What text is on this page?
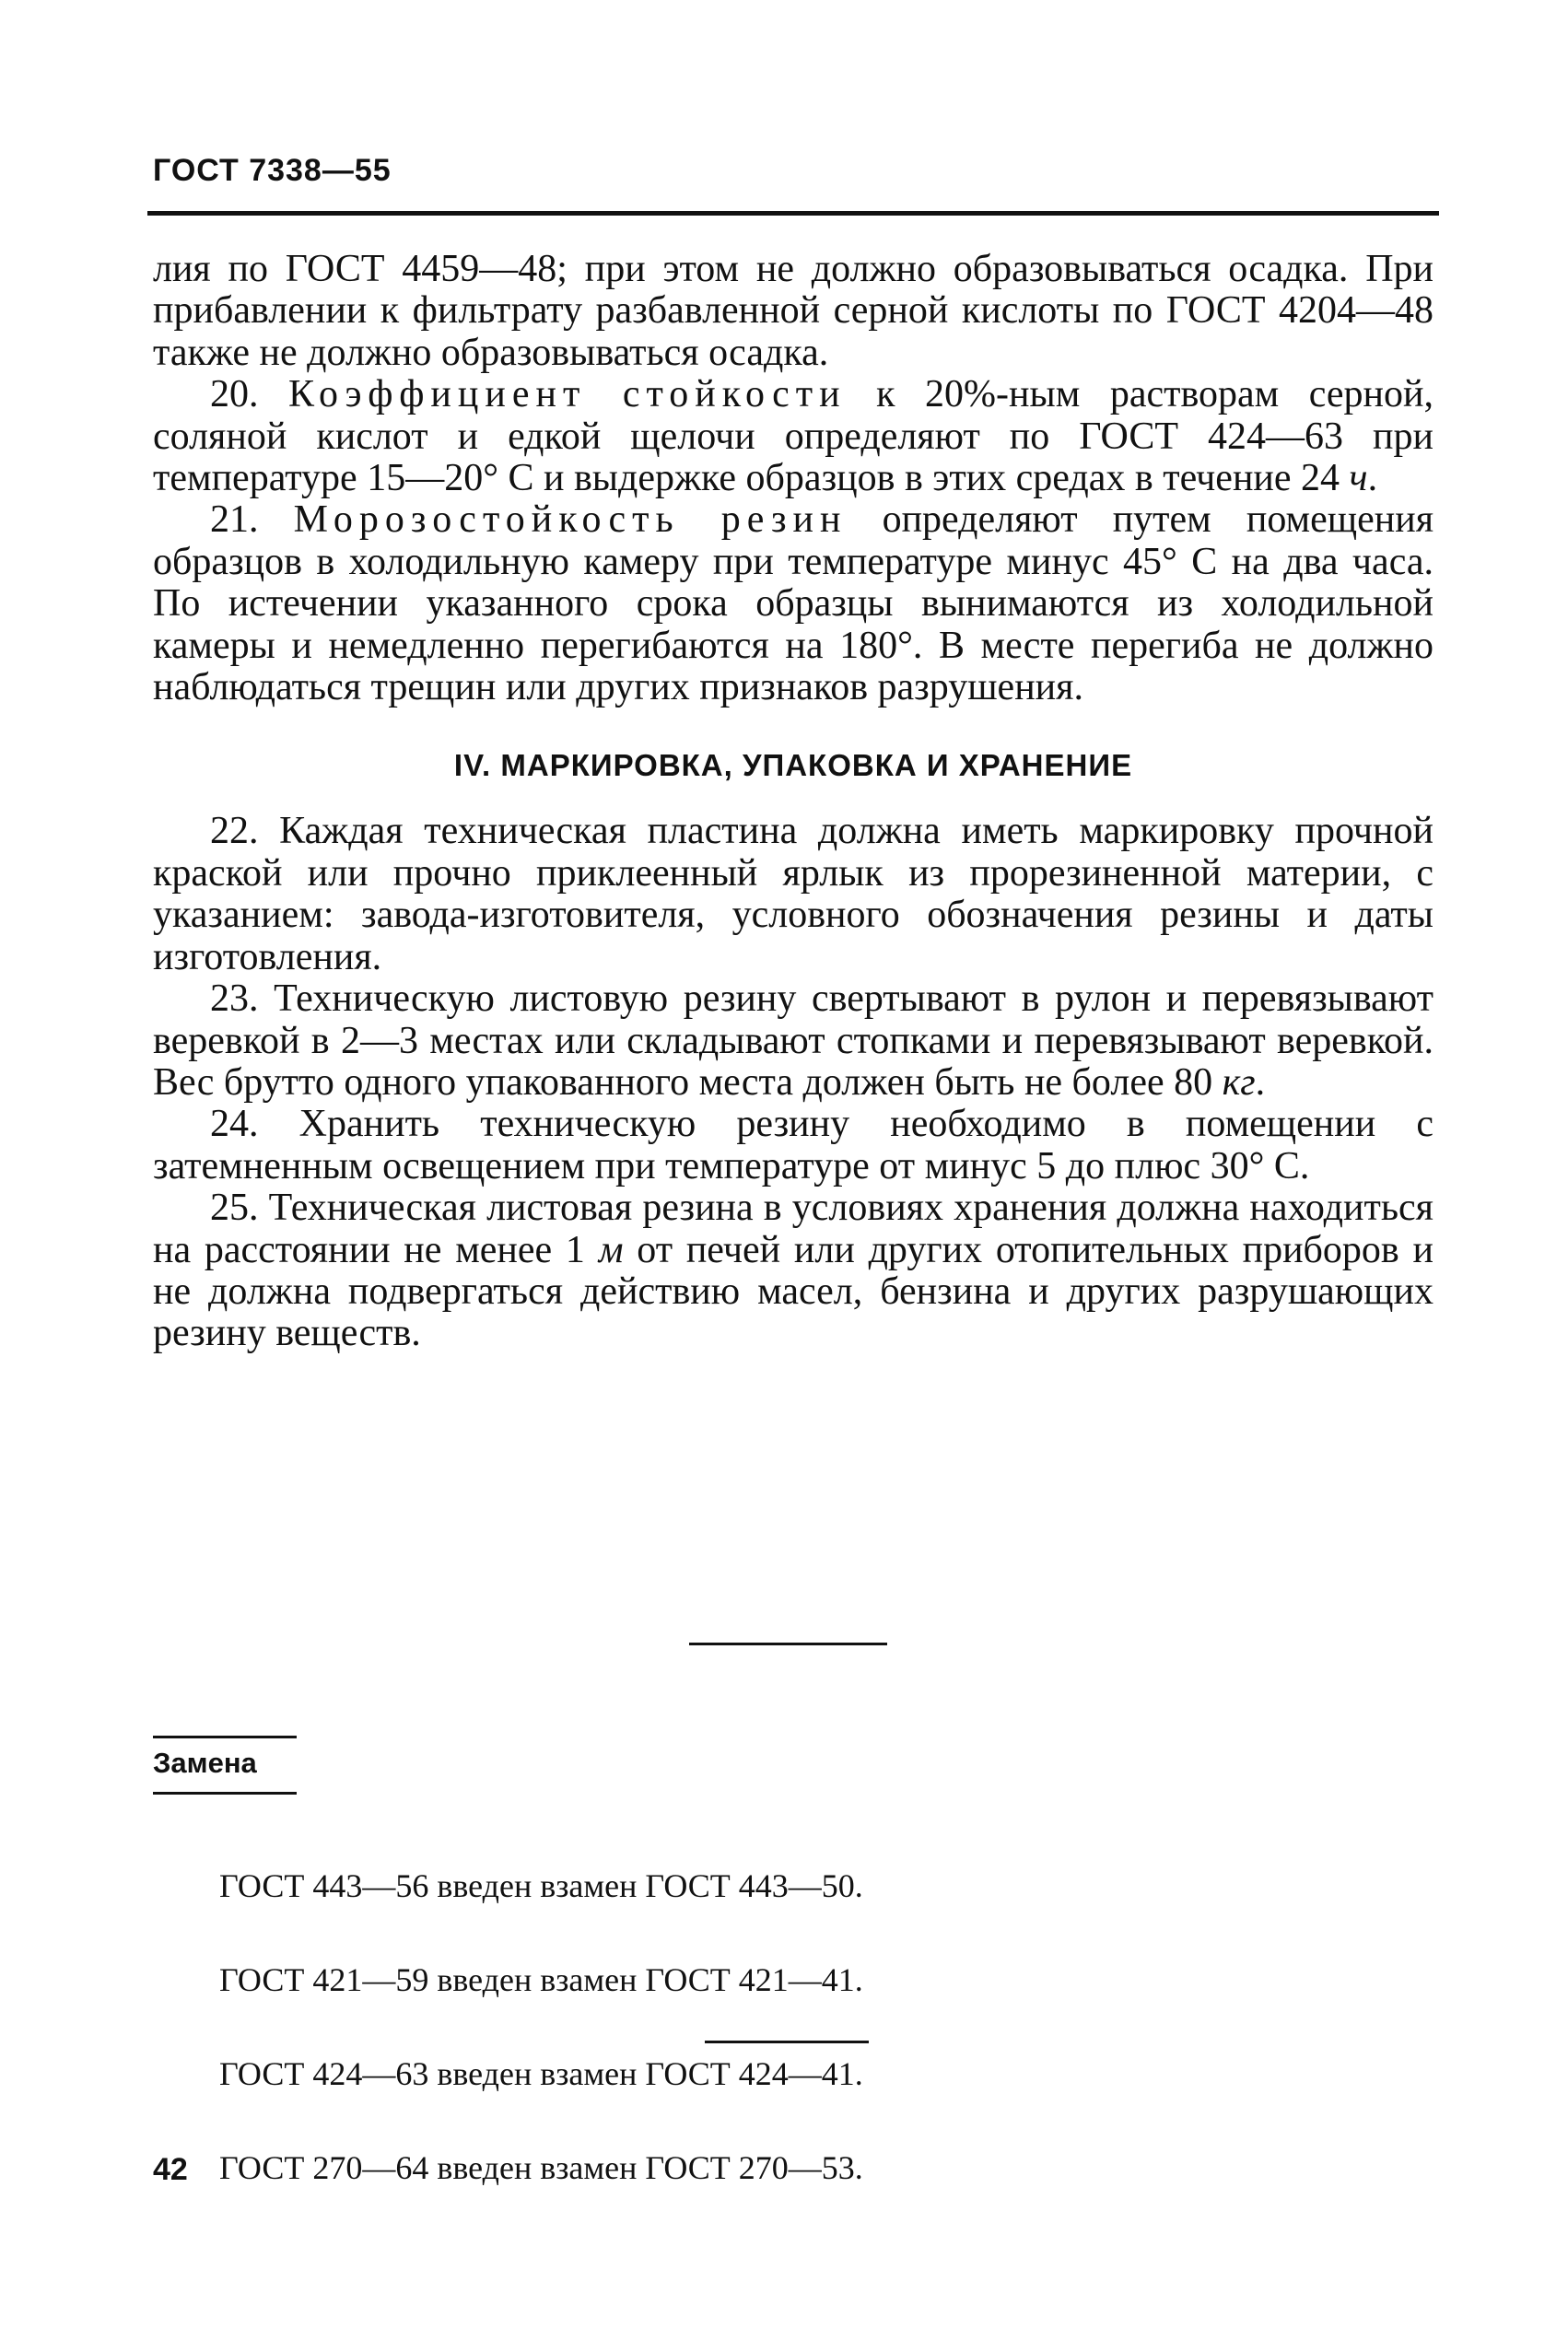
ГОСТ 7338—55

лия по ГОСТ 4459—48; при этом не должно образовываться осадка. При прибавлении к фильтрату разбавленной серной кислоты по ГОСТ 4204—48 также не должно образовываться осадка.

20. Коэффициент стойкости к 20%-ным растворам серной, соляной кислот и едкой щелочи определяют по ГОСТ 424—63 при температуре 15—20° С и выдержке образцов в этих средах в течение 24 ч.

21. Морозостойкость резин определяют путем помещения образцов в холодильную камеру при температуре минус 45° С на два часа. По истечении указанного срока образцы вынимаются из холодильной камеры и немедленно перегибаются на 180°. В месте перегиба не должно наблюдаться трещин или других признаков разрушения.

IV. МАРКИРОВКА, УПАКОВКА И ХРАНЕНИЕ

22. Каждая техническая пластина должна иметь маркировку прочной краской или прочно приклеенный ярлык из прорезиненной материи, с указанием: завода-изготовителя, условного обозначения резины и даты изготовления.

23. Техническую листовую резину свертывают в рулон и перевязывают веревкой в 2—3 местах или складывают стопками и перевязывают веревкой. Вес брутто одного упакованного места должен быть не более 80 кг.

24. Хранить техническую резину необходимо в помещении с затемненным освещением при температуре от минус 5 до плюс 30° С.

25. Техническая листовая резина в условиях хранения должна находиться на расстоянии не менее 1 м от печей или других отопительных приборов и не должна подвергаться действию масел, бензина и других разрушающих резину веществ.

Замена

ГОСТ 443—56 введен взамен ГОСТ 443—50.

ГОСТ 421—59 введен взамен ГОСТ 421—41.

ГОСТ 424—63 введен взамен ГОСТ 424—41.

ГОСТ 270—64 введен взамен ГОСТ 270—53.

42
